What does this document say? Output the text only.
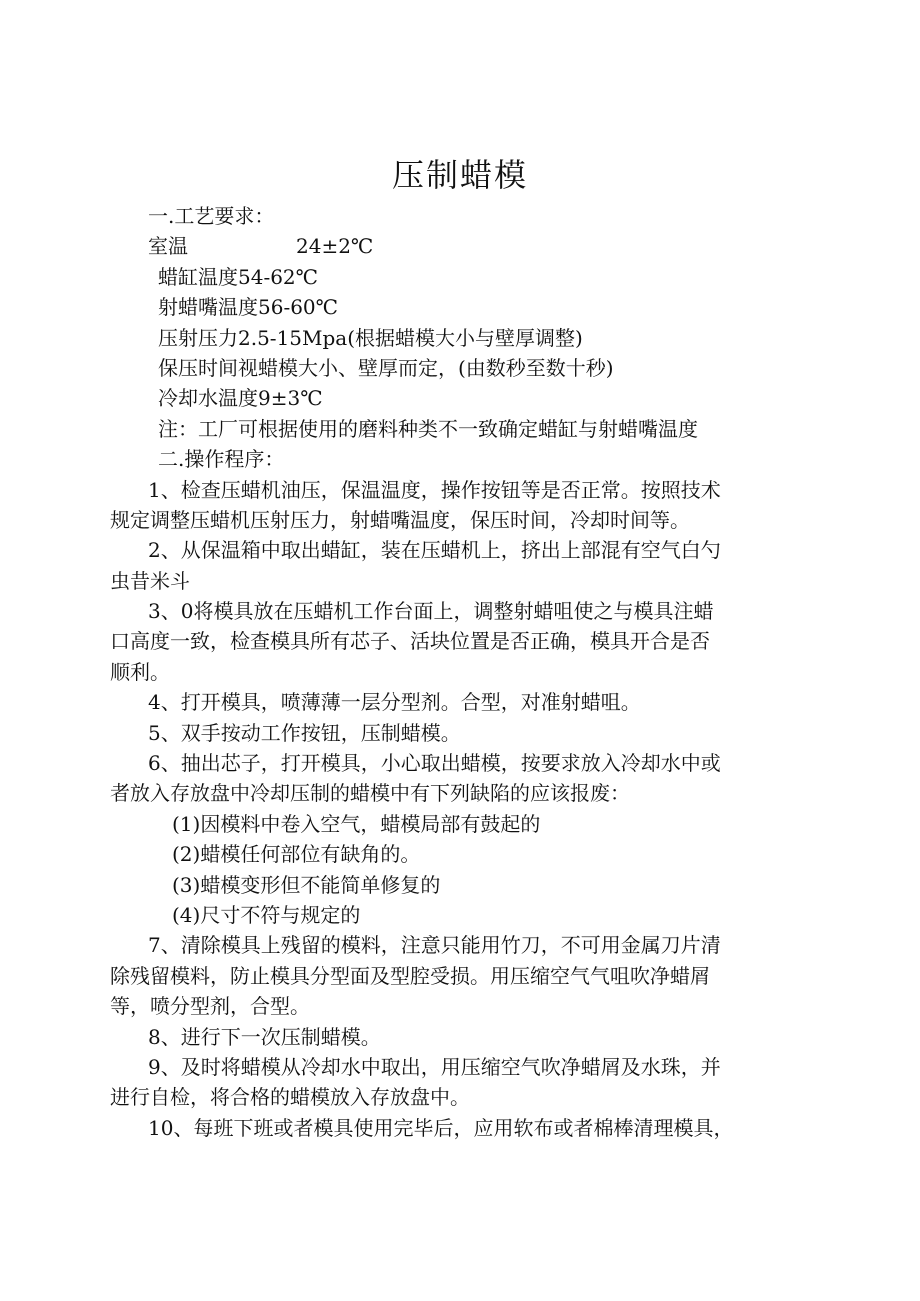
压制蜡模
一.工艺要求：
室温	24±2℃
蜡缸温度54-62℃
射蜡嘴温度56-60℃
压射压力2.5-15Mpa(根据蜡模大小与壁厚调整)
保压时间视蜡模大小、壁厚而定，(由数秒至数十秒)
冷却水温度9±3℃
注：工厂可根据使用的磨料种类不一致确定蜡缸与射蜡嘴温度
二.操作程序：
1、检查压蜡机油压，保温温度，操作按钮等是否正常。按照技术
规定调整压蜡机压射压力，射蜡嘴温度，保压时间，冷却时间等。
2、从保温箱中取出蜡缸，装在压蜡机上，挤出上部混有空气白勺
虫昔米斗
3、0将模具放在压蜡机工作台面上，调整射蜡咀使之与模具注蜡
口高度一致，检查模具所有芯子、活块位置是否正确，模具开合是否
顺利。
4、打开模具，喷薄薄一层分型剂。合型，对准射蜡咀。
5、双手按动工作按钮，压制蜡模。
6、抽出芯子，打开模具，小心取出蜡模，按要求放入冷却水中或
者放入存放盘中冷却压制的蜡模中有下列缺陷的应该报废：
(1)因模料中卷入空气，蜡模局部有鼓起的
(2)蜡模任何部位有缺角的。
(3)蜡模变形但不能简单修复的
(4)尺寸不符与规定的
7、清除模具上残留的模料，注意只能用竹刀，不可用金属刀片清
除残留模料，防止模具分型面及型腔受损。用压缩空气气咀吹净蜡屑
等，喷分型剂，合型。
8、进行下一次压制蜡模。
9、及时将蜡模从冷却水中取出，用压缩空气吹净蜡屑及水珠，并
进行自检，将合格的蜡模放入存放盘中。
10、每班下班或者模具使用完毕后，应用软布或者棉棒清理模具，
